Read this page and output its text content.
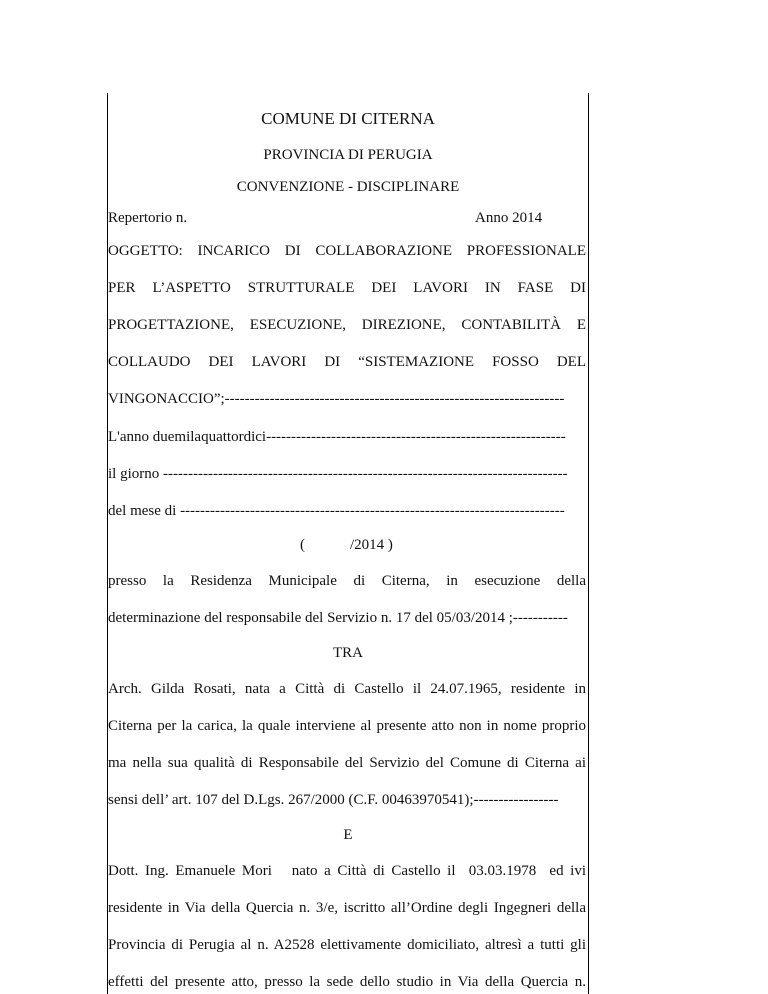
COMUNE DI CITERNA
PROVINCIA DI PERUGIA
CONVENZIONE - DISCIPLINARE
Repertorio n.	Anno 2014
OGGETTO: INCARICO DI COLLABORAZIONE PROFESSIONALE
PER L’ASPETTO STRUTTURALE DEI LAVORI IN FASE DI
PROGETTAZIONE, ESECUZIONE, DIREZIONE, CONTABILITÀ E
COLLAUDO DEI LAVORI DI “SISTEMAZIONE FOSSO DEL
VINGONACCIO”;--------------------------------------------------------------------
L'anno duemilaquattordici------------------------------------------------------------
il giorno ---------------------------------------------------------------------------------
del mese di -----------------------------------------------------------------------------
(            /2014 )
presso la Residenza Municipale di Citerna, in esecuzione della
determinazione del responsabile del Servizio n. 17 del 05/03/2014 ;-----------
TRA
Arch. Gilda Rosati, nata a Città di Castello il 24.07.1965, residente in
Citerna per la carica, la quale interviene al presente atto non in nome proprio
ma nella sua qualità di Responsabile del Servizio del Comune di Citerna ai
sensi dell’ art. 107 del D.Lgs. 267/2000 (C.F. 00463970541);-----------------
E
Dott. Ing. Emanuele Mori   nato a Città di Castello il  03.03.1978  ed ivi
residente in Via della Quercia n. 3/e, iscritto all’Ordine degli Ingegneri della
Provincia di Perugia al n. A2528 elettivamente domiciliato, altresì a tutti gli
effetti del presente atto, presso la sede dello studio in Via della Quercia n.
